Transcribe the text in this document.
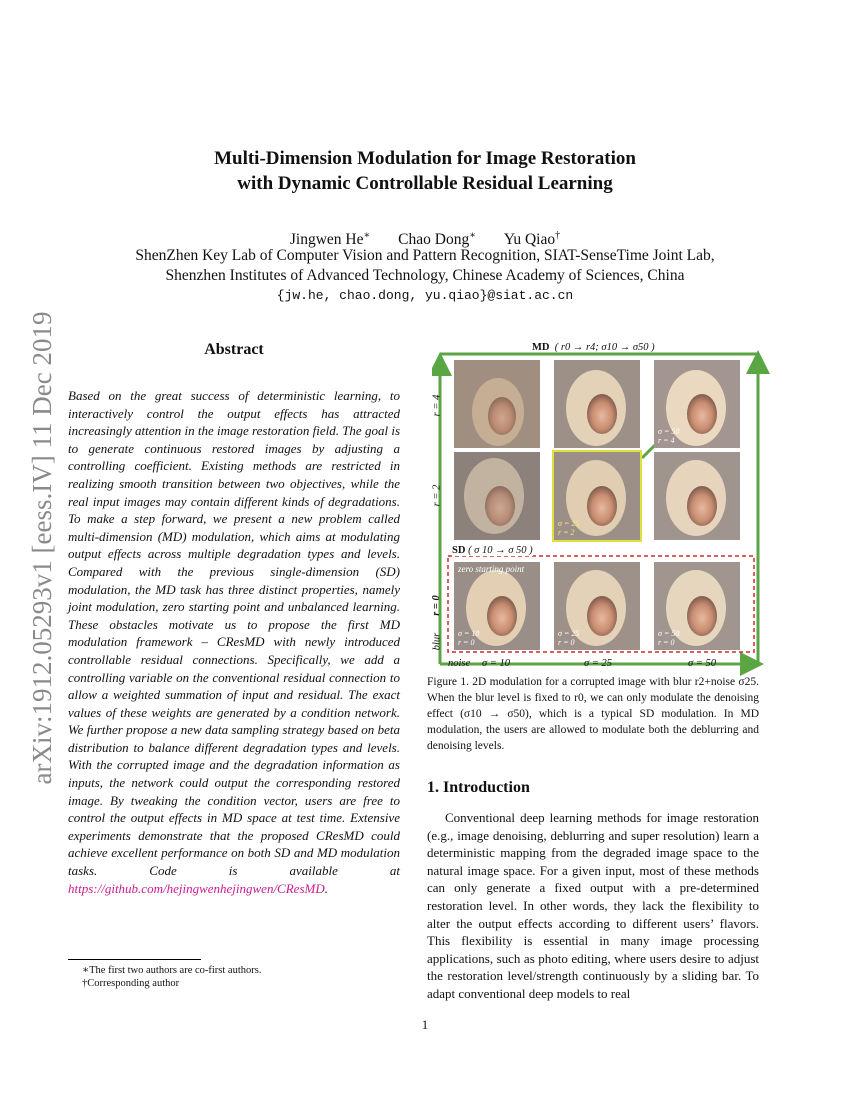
Multi-Dimension Modulation for Image Restoration
with Dynamic Controllable Residual Learning
Jingwen He∗ Chao Dong∗ Yu Qiao†
ShenZhen Key Lab of Computer Vision and Pattern Recognition, SIAT-SenseTime Joint Lab,
Shenzhen Institutes of Advanced Technology, Chinese Academy of Sciences, China
{jw.he, chao.dong, yu.qiao}@siat.ac.cn
arXiv:1912.05293v1 [eess.IV] 11 Dec 2019	Abstract
Based on the great success of deterministic learning, to interactively control the output effects has attracted increasingly attention in the image restoration field. The goal is to generate continuous restored images by adjusting a controlling coefficient. Existing methods are restricted in realizing smooth transition between two objectives, while the real input images may contain different kinds of degradations. To make a step forward, we present a new problem called multi-dimension (MD) modulation, which aims at modulating output effects across multiple degradation types and levels. Compared with the previous single-dimension (SD) modulation, the MD task has three distinct properties, namely joint modulation, zero starting point and unbalanced learning. These obstacles motivate us to propose the first MD modulation framework – CResMD with newly introduced controllable residual connections. Specifically, we add a controlling variable on the conventional residual connection to allow a weighted summation of input and residual. The exact values of these weights are generated by a condition network. We further propose a new data sampling strategy based on beta distribution to balance different degradation types and levels. With the corrupted image and the degradation information as inputs, the network could output the corresponding restored image. By tweaking the condition vector, users are free to control the output effects in MD space at test time. Extensive experiments demonstrate that the proposed CResMD could achieve excellent performance on both SD and MD modulation tasks. Code is available at https://github.com/hejingwenhejingwen/CResMD.
∗The first two authors are co-first authors.
†Corresponding author
1
MD ( r0 → r4; σ10 → σ50 )
SD ( σ 10 → σ 50 )
r = 4
r = 2
r = 0
blur
noise σ = 10	σ = 25	σ = 50
σ = 50
r = 4
σ = 25
r = 2
zero starting point
σ = 10
r = 0
σ = 25
r = 0
σ = 50
r = 0
Figure 1. 2D modulation for a corrupted image with blur r2+noise σ25. When the blur level is fixed to r0, we can only modulate the denoising effect (σ10 → σ50), which is a typical SD modulation. In MD modulation, the users are allowed to modulate both the deblurring and denoising levels.
1. Introduction
Conventional deep learning methods for image restoration (e.g., image denoising, deblurring and super resolution) learn a deterministic mapping from the degraded image space to the natural image space. For a given input, most of these methods can only generate a fixed output with a pre-determined restoration level. In other words, they lack the flexibility to alter the output effects according to different users’ flavors. This flexibility is essential in many image processing applications, such as photo editing, where users desire to adjust the restoration level/strength continuously by a sliding bar. To adapt conventional deep models to real
